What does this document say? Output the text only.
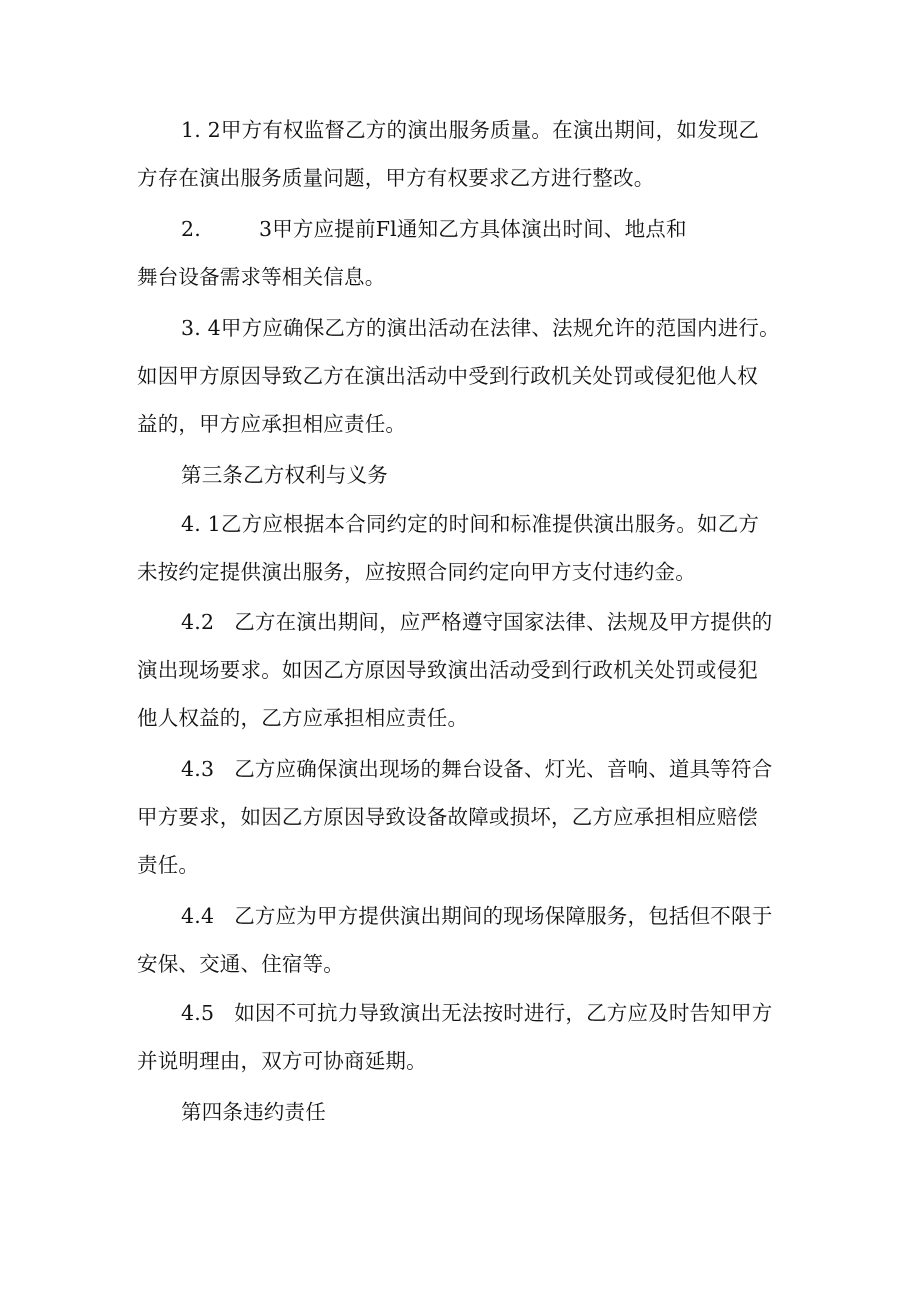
1. 2甲方有权监督乙方的演出服务质量。在演出期间，如发现乙
方存在演出服务质量问题，甲方有权要求乙方进行整改。
2.	3甲方应提前Fl通知乙方具体演出时间、地点和
舞台设备需求等相关信息。
3. 4甲方应确保乙方的演出活动在法律、法规允许的范国内进行。
如因甲方原因导致乙方在演出活动中受到行政机关处罚或侵犯他人权
益的，甲方应承担相应责任。
第三条乙方权利与义务
4. 1乙方应根据本合同约定的时间和标准提供演出服务。如乙方
未按约定提供演出服务，应按照合同约定向甲方支付违约金。
4.2 乙方在演出期间，应严格遵守国家法律、法规及甲方提供的
演出现场要求。如因乙方原因导致演出活动受到行政机关处罚或侵犯
他人权益的，乙方应承担相应责任。
4.3 乙方应确保演出现场的舞台设备、灯光、音响、道具等符合
甲方要求，如因乙方原因导致设备故障或损坏，乙方应承担相应赔偿
责任。
4.4 乙方应为甲方提供演出期间的现场保障服务，包括但不限于
安保、交通、住宿等。
4.5 如因不可抗力导致演出无法按时进行，乙方应及时告知甲方
并说明理由，双方可协商延期。
第四条违约责任
